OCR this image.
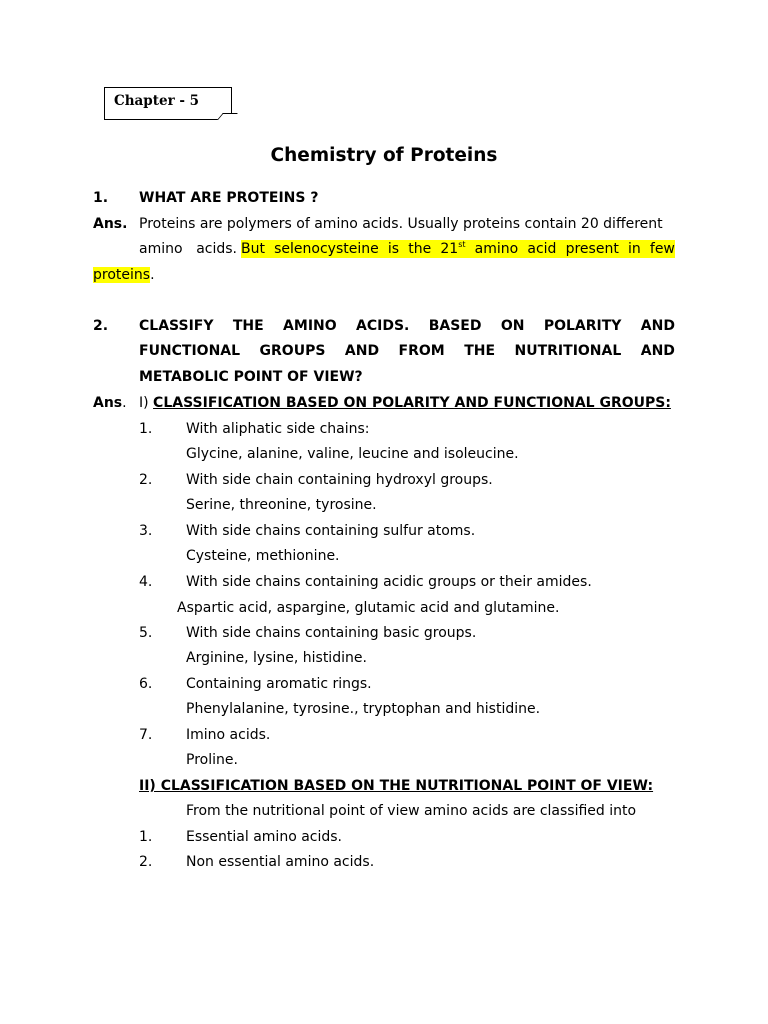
Chapter - 5
Chemistry of Proteins
1. WHAT ARE PROTEINS ?
Ans. Proteins are polymers of amino acids. Usually proteins contain 20 different
amino acids. But selenocysteine is the 21st amino acid present in few
proteins.
2. CLASSIFY THE AMINO ACIDS. BASED ON POLARITY AND
FUNCTIONAL GROUPS AND FROM THE NUTRITIONAL AND
METABOLIC POINT OF VIEW?
Ans. I) CLASSIFICATION BASED ON POLARITY AND FUNCTIONAL GROUPS:
1. With aliphatic side chains:
Glycine, alanine, valine, leucine and isoleucine.
2. With side chain containing hydroxyl groups.
Serine, threonine, tyrosine.
3. With side chains containing sulfur atoms.
Cysteine, methionine.
4. With side chains containing acidic groups or their amides.
Aspartic acid, aspargine, glutamic acid and glutamine.
5. With side chains containing basic groups.
Arginine, lysine, histidine.
6. Containing aromatic rings.
Phenylalanine, tyrosine., tryptophan and histidine.
7. Imino acids.
Proline.
II) CLASSIFICATION BASED ON THE NUTRITIONAL POINT OF VIEW:
From the nutritional point of view amino acids are classified into
1. Essential amino acids.
2. Non essential amino acids.
